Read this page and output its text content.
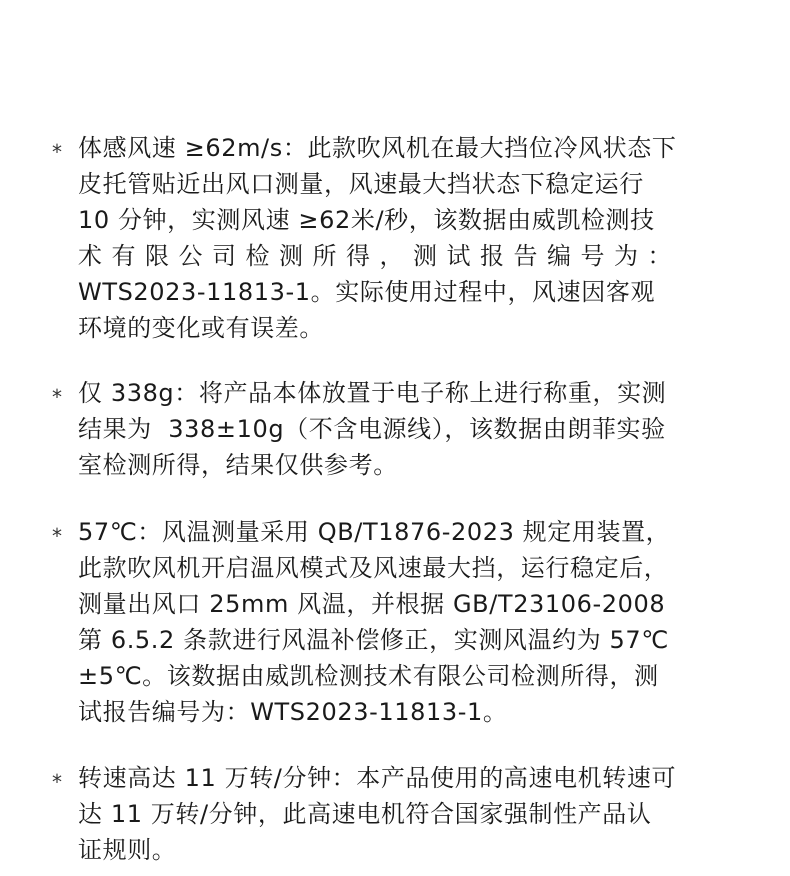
* 体感风速 ≥62m/s：此款吹风机在最大挡位冷风状态下
皮托管贴近出风口测量，风速最大挡状态下稳定运行
10 分钟，实测风速 ≥62米/秒，该数据由威凯检测技
术有限公司检测所得，测试报告编号为：
WTS2023-11813-1。实际使用过程中，风速因客观
环境的变化或有误差。
* 仅 338g：将产品本体放置于电子称上进行称重，实测
结果为  338±10g（不含电源线），该数据由朗菲实验
室检测所得，结果仅供参考。
* 57℃：风温测量采用 QB/T1876-2023 规定用装置，
此款吹风机开启温风模式及风速最大挡，运行稳定后，
测量出风口 25mm 风温，并根据 GB/T23106-2008
第 6.5.2 条款进行风温补偿修正，实测风温约为 57℃
±5℃。该数据由威凯检测技术有限公司检测所得，测
试报告编号为：WTS2023-11813-1。
* 转速高达 11 万转/分钟：本产品使用的高速电机转速可
达 11 万转/分钟，此高速电机符合国家强制性产品认
证规则。
